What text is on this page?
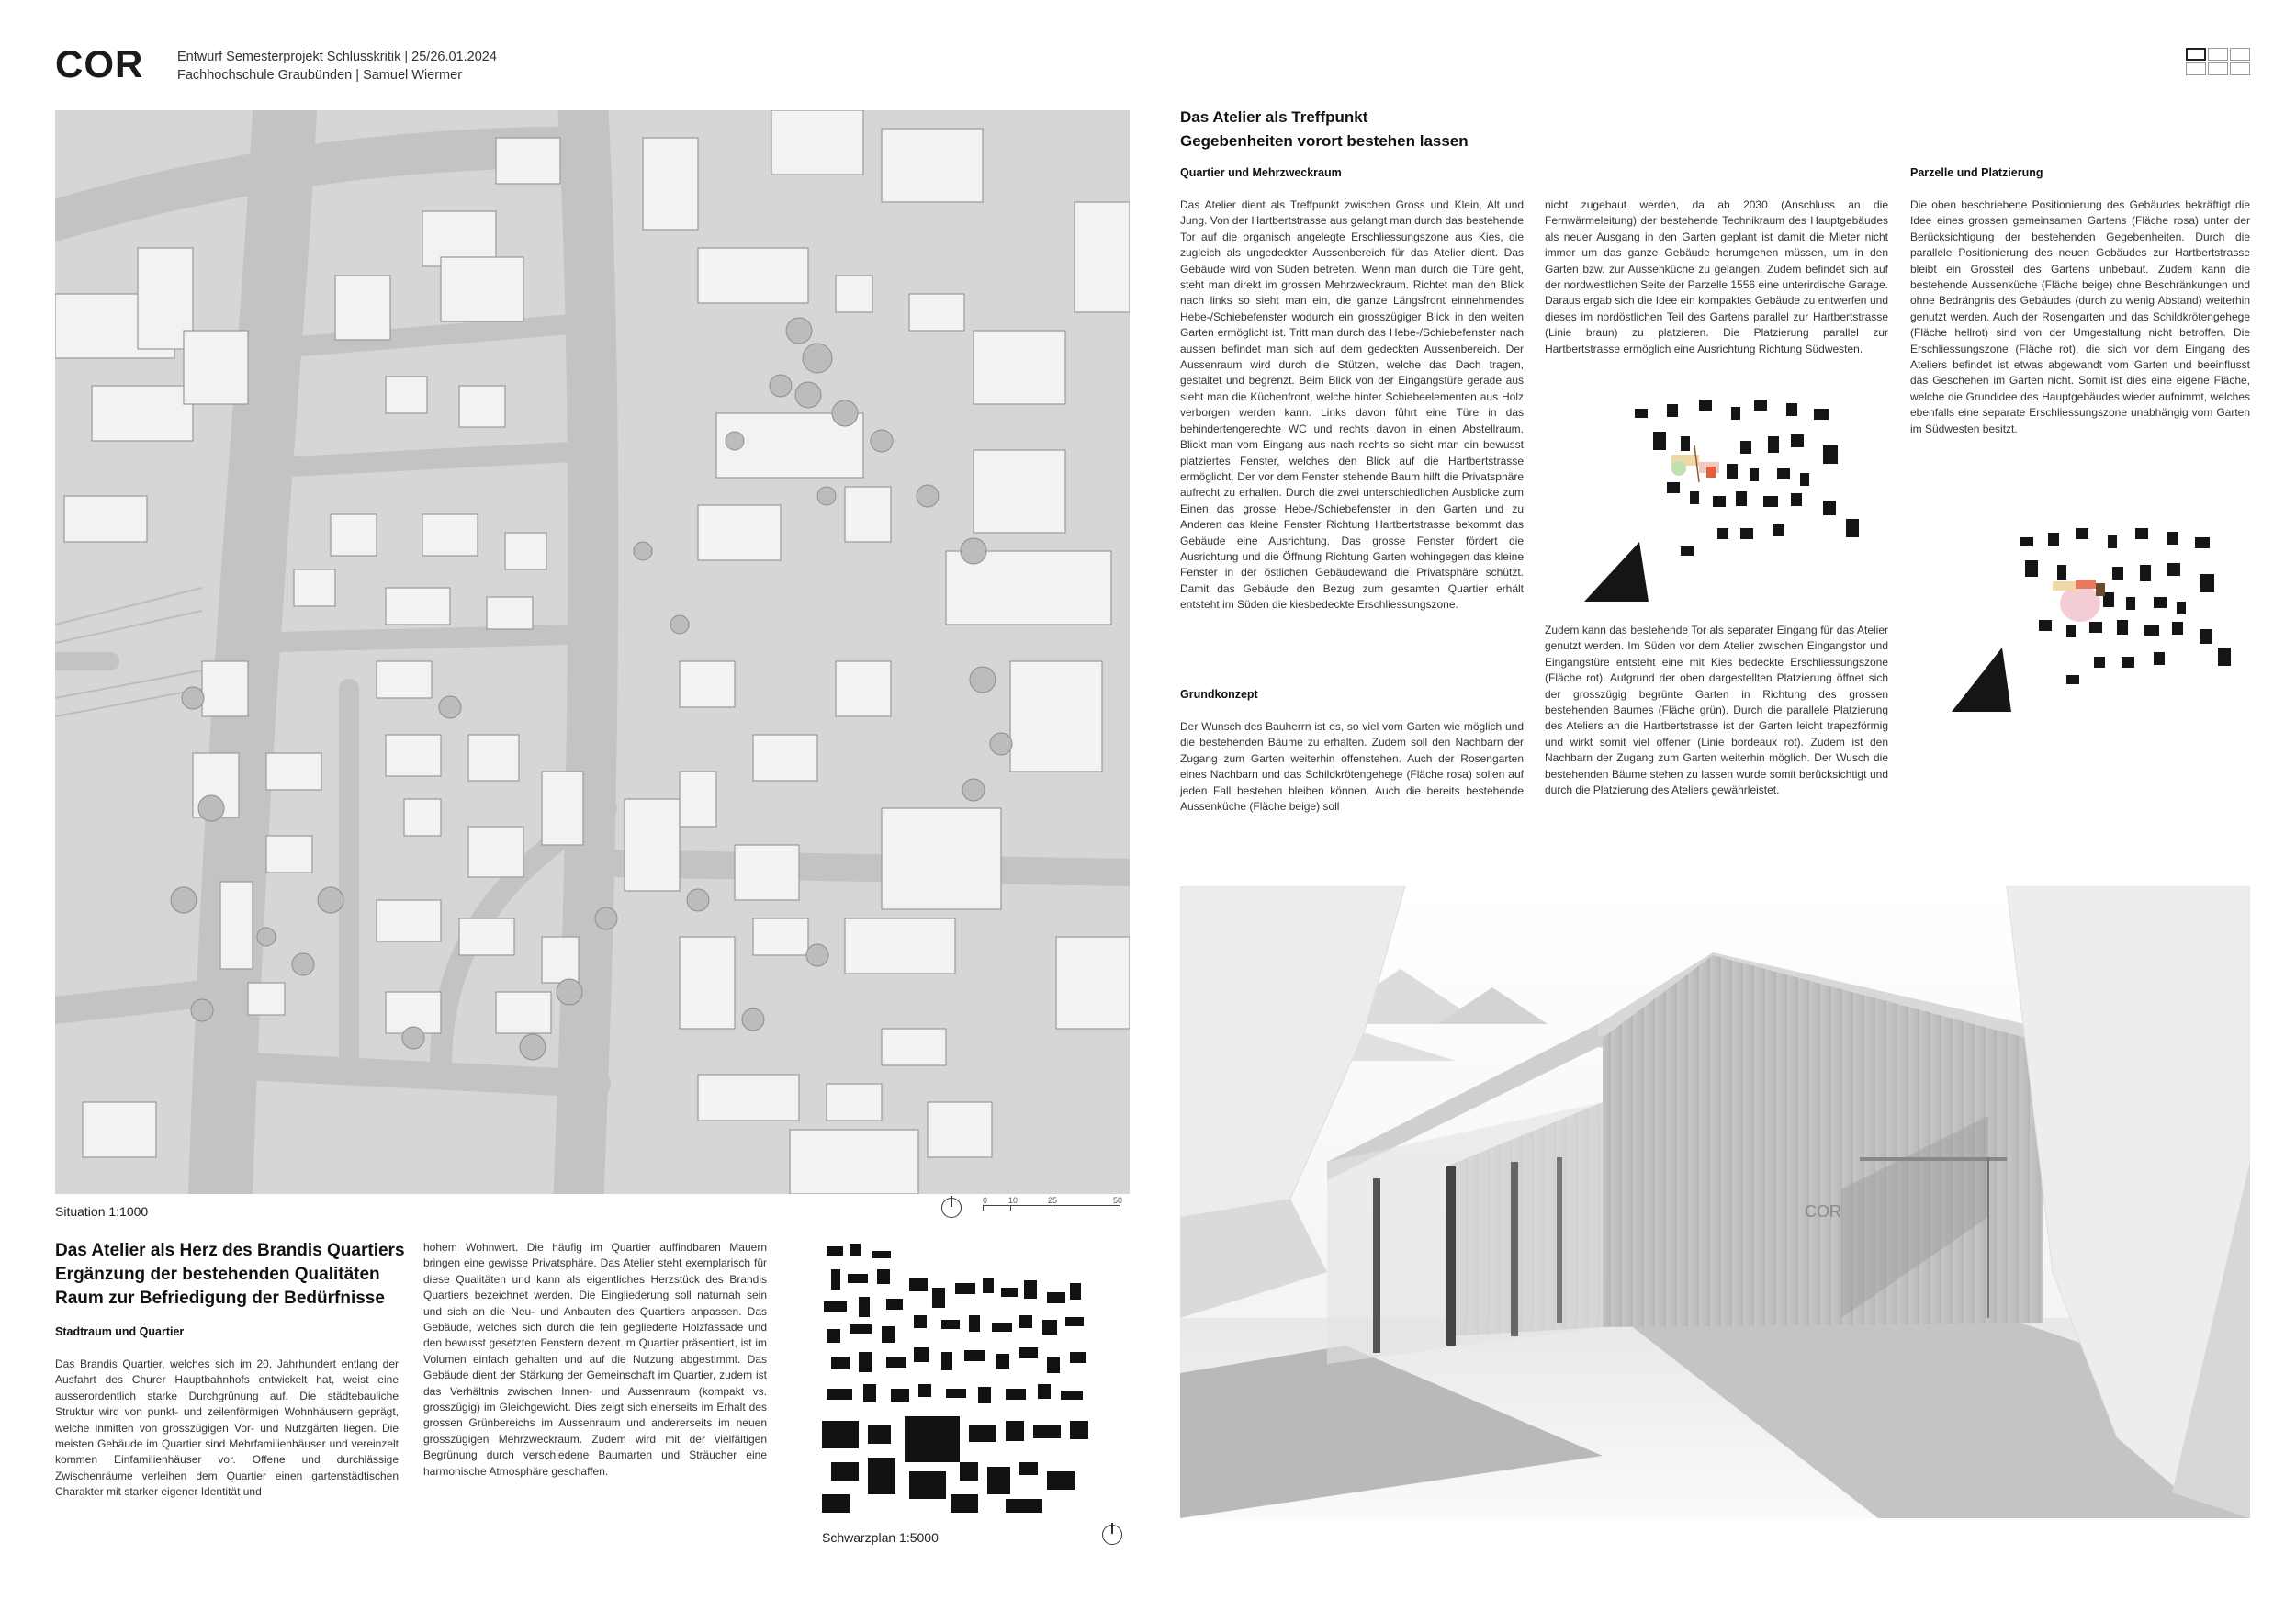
COR	Entwurf Semesterprojekt Schlusskritik | 25/26.01.2024
Fachhochschule Graubünden | Samuel Wiermer
Situation 1:1000
0	10	25	50
Das Atelier als Herz des Brandis Quartiers
Ergänzung der bestehenden Qualitäten
Raum zur Befriedigung der Bedürfnisse
Stadtraum und Quartier
Das Brandis Quartier, welches sich im 20. Jahrhundert entlang der Ausfahrt des Churer Hauptbahnhofs entwickelt hat, weist eine ausserordentlich starke Durchgrünung auf. Die städtebauliche Struktur wird von punkt- und zeilenförmigen Wohnhäusern geprägt, welche inmitten von grosszügigen Vor- und Nutzgärten liegen. Die meisten Gebäude im Quartier sind Mehrfamilienhäuser und vereinzelt kommen Einfamilienhäuser vor. Offene und durchlässige Zwischenräume verleihen dem Quartier einen gartenstädtischen Charakter mit starker eigener Identität und
hohem Wohnwert. Die häufig im Quartier auffindbaren Mauern bringen eine gewisse Privatsphäre. Das Atelier steht exemplarisch für diese Qualitäten und kann als eigentliches Herzstück des Brandis Quartiers bezeichnet werden. Die Eingliederung soll naturnah sein und sich an die Neu- und Anbauten des Quartiers anpassen. Das Gebäude, welches sich durch die fein gegliederte Holzfassade und den bewusst gesetzten Fenstern dezent im Quartier präsentiert, ist im Volumen einfach gehalten und auf die Nutzung abgestimmt. Das Gebäude dient der Stärkung der Gemeinschaft im Quartier, zudem ist das Verhältnis zwischen Innen- und Aussenraum (kompakt vs. grosszügig) im Gleichgewicht. Dies zeigt sich einerseits im Erhalt des grossen Grünbereichs im Aussenraum und andererseits im neuen grosszügigen Mehrzweckraum. Zudem wird mit der vielfältigen Begrünung durch verschiedene Baumarten und Sträucher eine harmonische Atmosphäre geschaffen.
Schwarzplan 1:5000
Das Atelier als Treffpunkt
Gegebenheiten vorort bestehen lassen
Quartier und Mehrzweckraum
Das Atelier dient als Treffpunkt zwischen Gross und Klein, Alt und Jung. Von der Hartbertstrasse aus gelangt man durch das bestehende Tor auf die organisch angelegte Erschliessungszone aus Kies, die zugleich als ungedeckter Aussenbereich für das Atelier dient. Das Gebäude wird von Süden betreten. Wenn man durch die Türe geht, steht man direkt im grossen Mehrzweckraum. Richtet man den Blick nach links so sieht man ein, die ganze Längsfront einnehmendes Hebe-/Schiebefenster wodurch ein grosszügiger Blick in den weiten Garten ermöglicht ist. Tritt man durch das Hebe-/Schiebefenster nach aussen befindet man sich auf dem gedeckten Aussenbereich. Der Aussenraum wird durch die Stützen, welche das Dach tragen, gestaltet und begrenzt. Beim Blick von der Eingangstüre gerade aus sieht man die Küchenfront, welche hinter Schiebeelementen aus Holz verborgen werden kann. Links davon führt eine Türe in das behindertengerechte WC und rechts davon in einen Abstellraum. Blickt man vom Eingang aus nach rechts so sieht man ein bewusst platziertes Fenster, welches den Blick auf die Hartbertstrasse ermöglicht. Der vor dem Fenster stehende Baum hilft die Privatsphäre aufrecht zu erhalten. Durch die zwei unterschiedlichen Ausblicke zum Einen das grosse Hebe-/Schiebefenster in den Garten und zu Anderen das kleine Fenster Richtung Hartbertstrasse bekommt das Gebäude eine Ausrichtung. Das grosse Fenster fördert die Ausrichtung und die Öffnung Richtung Garten wohingegen das kleine Fenster in der östlichen Gebäudewand die Privatsphäre schützt. Damit das Gebäude den Bezug zum gesamten Quartier erhält entsteht im Süden die kiesbedeckte Erschliessungszone.
Grundkonzept
Der Wunsch des Bauherrn ist es, so viel vom Garten wie möglich und die bestehenden Bäume zu erhalten. Zudem soll den Nachbarn der Zugang zum Garten weiterhin offenstehen. Auch der Rosengarten eines Nachbarn und das Schildkrötengehege (Fläche rosa) sollen auf jeden Fall bestehen bleiben können. Auch die bereits bestehende Aussenküche (Fläche beige) soll
nicht zugebaut werden, da ab 2030 (Anschluss an die Fernwärmeleitung) der bestehende Technikraum des Hauptgebäudes als neuer Ausgang in den Garten geplant ist damit die Mieter nicht immer um das ganze Gebäude herumgehen müssen, um in den Garten bzw. zur Aussenküche zu gelangen. Zudem befindet sich auf der nordwestlichen Seite der Parzelle 1556 eine unterirdische Garage. Daraus ergab sich die Idee ein kompaktes Gebäude zu entwerfen und dieses im nordöstlichen Teil des Gartens parallel zur Hartbertstrasse (Linie braun) zu platzieren. Die Platzierung parallel zur Hartbertstrasse ermöglich eine Ausrichtung Richtung Südwesten.
Zudem kann das bestehende Tor als separater Eingang für das Atelier genutzt werden. Im Süden vor dem Atelier zwischen Eingangstor und Eingangstüre entsteht eine mit Kies bedeckte Erschliessungszone (Fläche rot). Aufgrund der oben dargestellten Platzierung öffnet sich der grosszügig begrünte Garten in Richtung des grossen bestehenden Baumes (Fläche grün). Durch die parallele Platzierung des Ateliers an die Hartbertstrasse ist der Garten leicht trapezförmig und wirkt somit viel offener (Linie bordeaux rot). Zudem ist den Nachbarn der Zugang zum Garten weiterhin möglich. Der Wusch die bestehenden Bäume stehen zu lassen wurde somit berücksichtigt und durch die Platzierung des Ateliers gewährleistet.
Parzelle und Platzierung
Die oben beschriebene Positionierung des Gebäudes bekräftigt die Idee eines grossen gemeinsamen Gartens (Fläche rosa) unter der Berücksichtigung der bestehenden Gegebenheiten. Durch die parallele Positionierung des neuen Gebäudes zur Hartbertstrasse bleibt ein Grossteil des Gartens unbebaut. Zudem kann die bestehende Aussenküche (Fläche beige) ohne Beschränkungen und ohne Bedrängnis des Gebäudes (durch zu wenig Abstand) weiterhin genutzt werden. Auch der Rosengarten und das Schildkrötengehege (Fläche hellrot) sind von der Umgestaltung nicht betroffen. Die Erschliessungszone (Fläche rot), die sich vor dem Eingang des Ateliers befindet ist etwas abgewandt vom Garten und beeinflusst das Geschehen im Garten nicht. Somit ist dies eine eigene Fläche, welche die Grundidee des Hauptgebäudes wieder aufnimmt, welches ebenfalls eine separate Erschliessungszone unabhängig vom Garten im Südwesten besitzt.
COR
